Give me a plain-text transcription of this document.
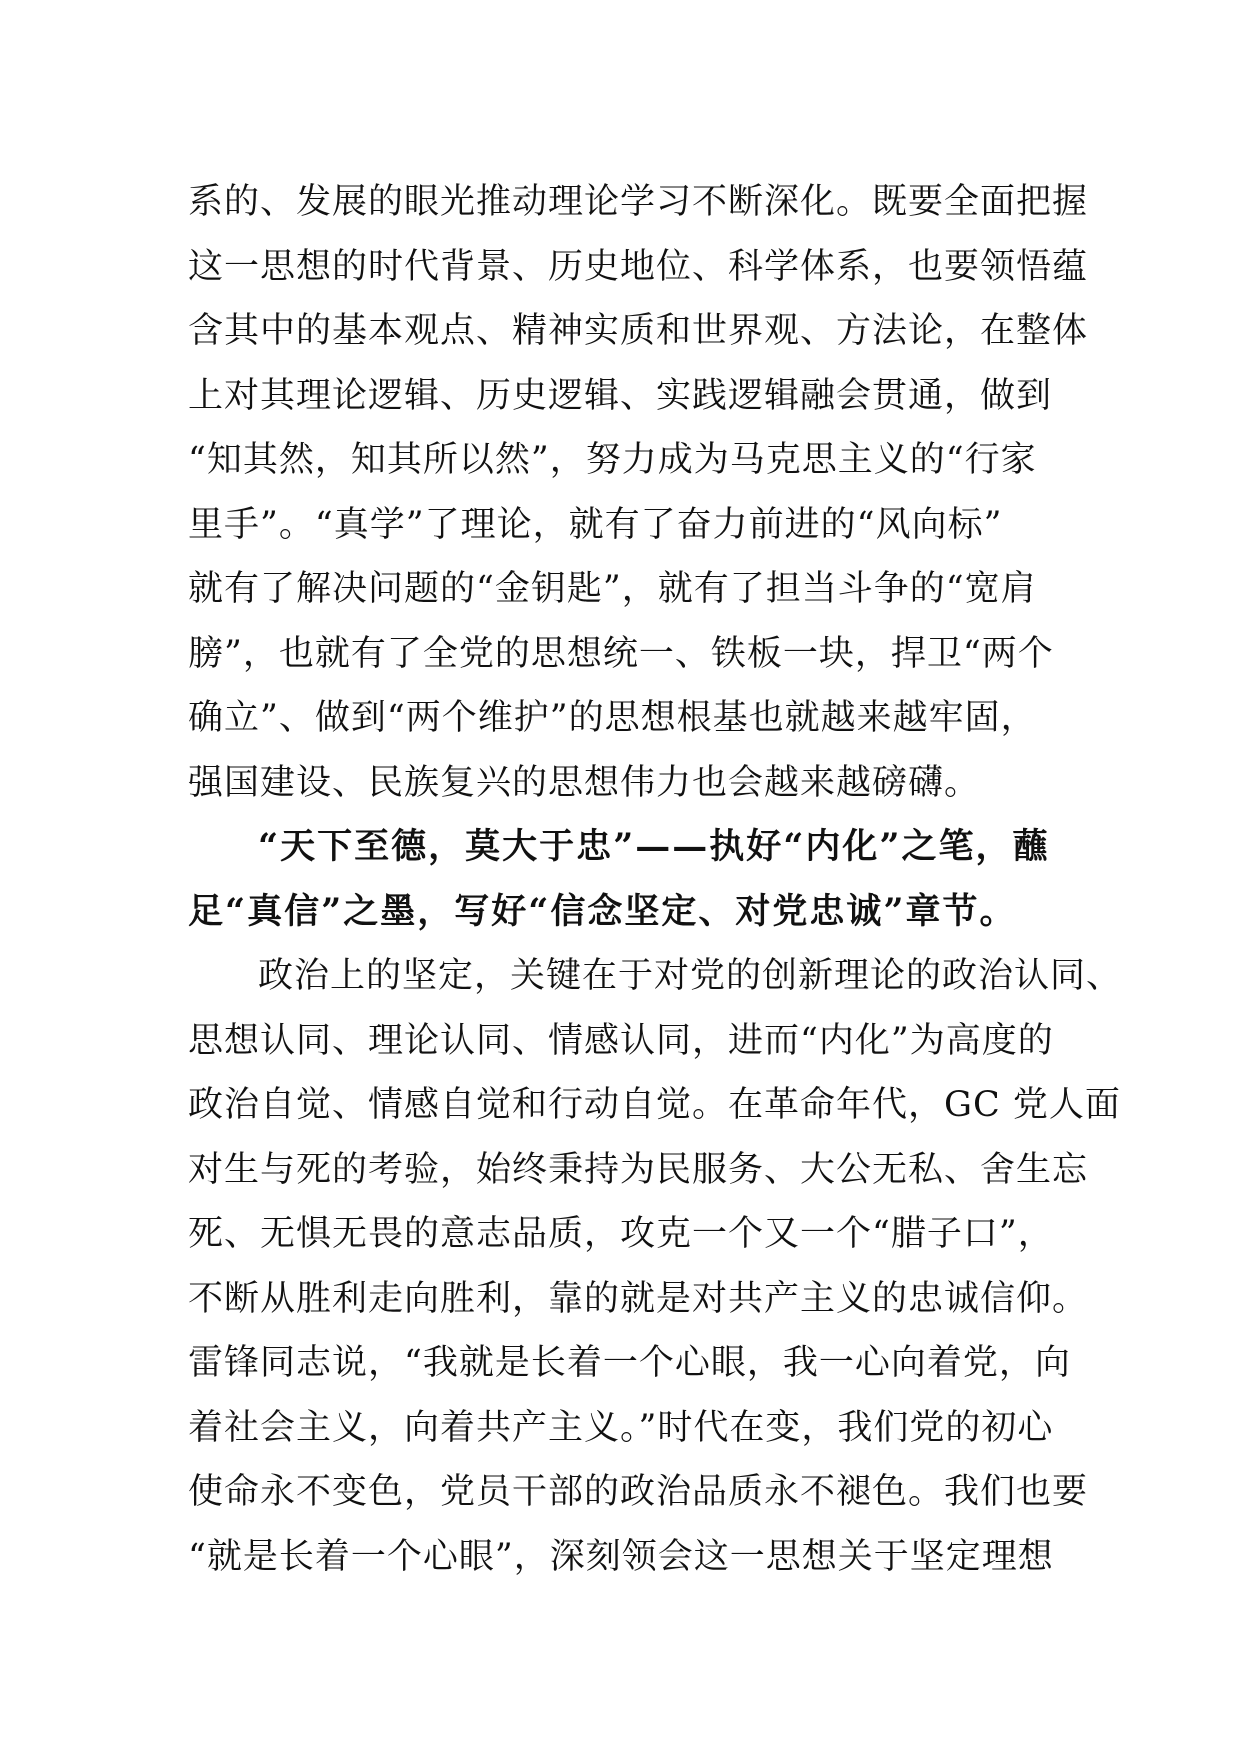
系的、发展的眼光推动理论学习不断深化。既要全面把握
这一思想的时代背景、历史地位、科学体系，也要领悟蕴
含其中的基本观点、精神实质和世界观、方法论，在整体
上对其理论逻辑、历史逻辑、实践逻辑融会贯通，做到
“知其然，知其所以然”，努力成为马克思主义的“行家
里手”。“真学”了理论，就有了奋力前进的“风向标”
就有了解决问题的“金钥匙”，就有了担当斗争的“宽肩
膀”，也就有了全党的思想统一、铁板一块，捍卫“两个
确立”、做到“两个维护”的思想根基也就越来越牢固，
强国建设、民族复兴的思想伟力也会越来越磅礴。
“天下至德，莫大于忠”——执好“内化”之笔，蘸
足“真信”之墨，写好“信念坚定、对党忠诚”章节。
政治上的坚定，关键在于对党的创新理论的政治认同、
思想认同、理论认同、情感认同，进而“内化”为高度的
政治自觉、情感自觉和行动自觉。在革命年代，GC 党人面
对生与死的考验，始终秉持为民服务、大公无私、舍生忘
死、无惧无畏的意志品质，攻克一个又一个“腊子口”，
不断从胜利走向胜利，靠的就是对共产主义的忠诚信仰。
雷锋同志说，“我就是长着一个心眼，我一心向着党，向
着社会主义，向着共产主义。”时代在变，我们党的初心
使命永不变色，党员干部的政治品质永不褪色。我们也要
“就是长着一个心眼”，深刻领会这一思想关于坚定理想
